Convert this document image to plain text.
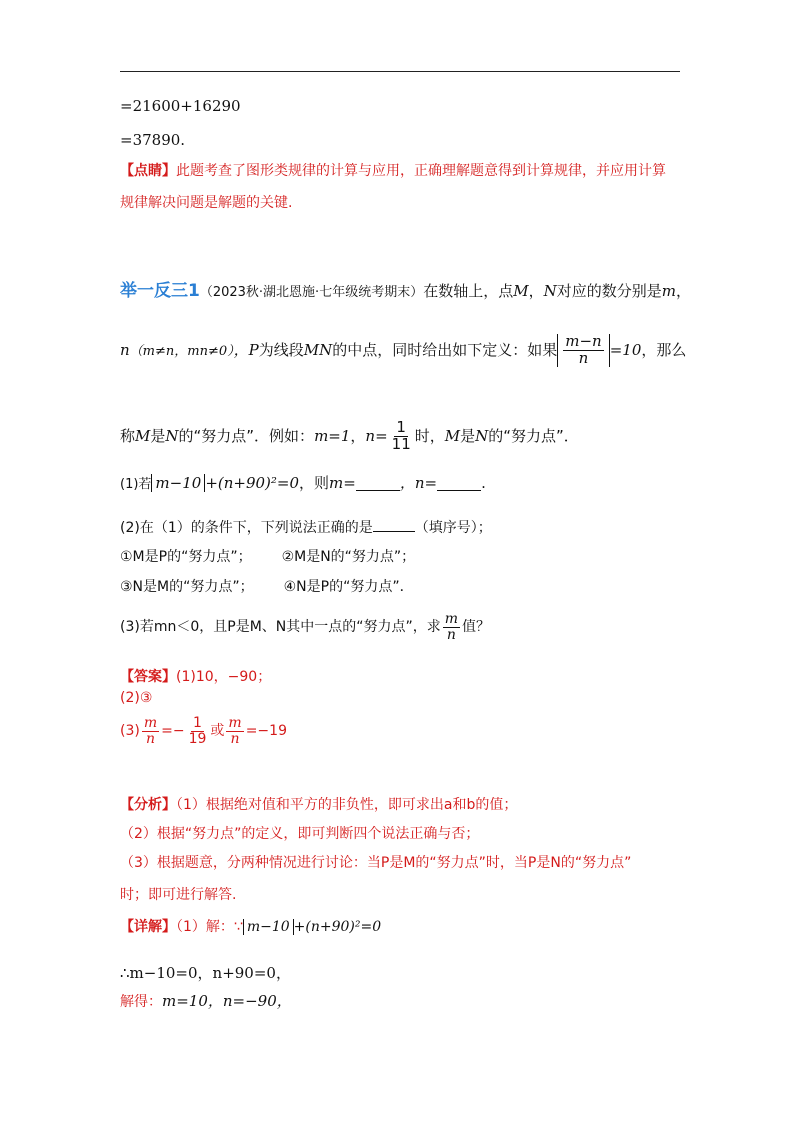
=21600+16290
=37890.
【点睛】此题考查了图形类规律的计算与应用，正确理解题意得到计算规律，并应用计算
规律解决问题是解题的关键.
举一反三1（2023秋·湖北恩施·七年级统考期末）在数轴上，点M，N对应的数分别是m，
n（m≠n，mn≠0），P为线段MN的中点，同时给出如下定义：如果 $\frac{m-n}{n} =10$，那么
称M是N的“努力点”．例如：m=1，$n= \frac{1}{11}$ 时，M是N的“努力点”．
(1)若 m−10 +(n+90)²=0，则m=	，n=	.
(2)在（1）的条件下，下列说法正确的是	（填序号）；
①M是P的“努力点”； ②M是N的“努力点”；
③N是M的“努力点”； ④N是P的“努力点”．
(3)若mn＜0，且P是M、N其中一点的“努力点”，求 $\frac{m}{n}$ 值？
【答案】(1)10，−90；
(2)③
$(3) \frac{m}{n} =- \frac{1}{19}$ 或 $\frac{m}{n} =-19$
【分析】（1）根据绝对值和平方的非负性，即可求出a和b的值；
（2）根据“努力点”的定义，即可判断四个说法正确与否；
（3）根据题意，分两种情况进行讨论：当P是M的“努力点”时，当P是N的“努力点”
时；即可进行解答.
【详解】（1）解：∵ m−10 +(n+90)²=0
∴m−10=0，n+90=0，
解得：m=10，n=−90，
